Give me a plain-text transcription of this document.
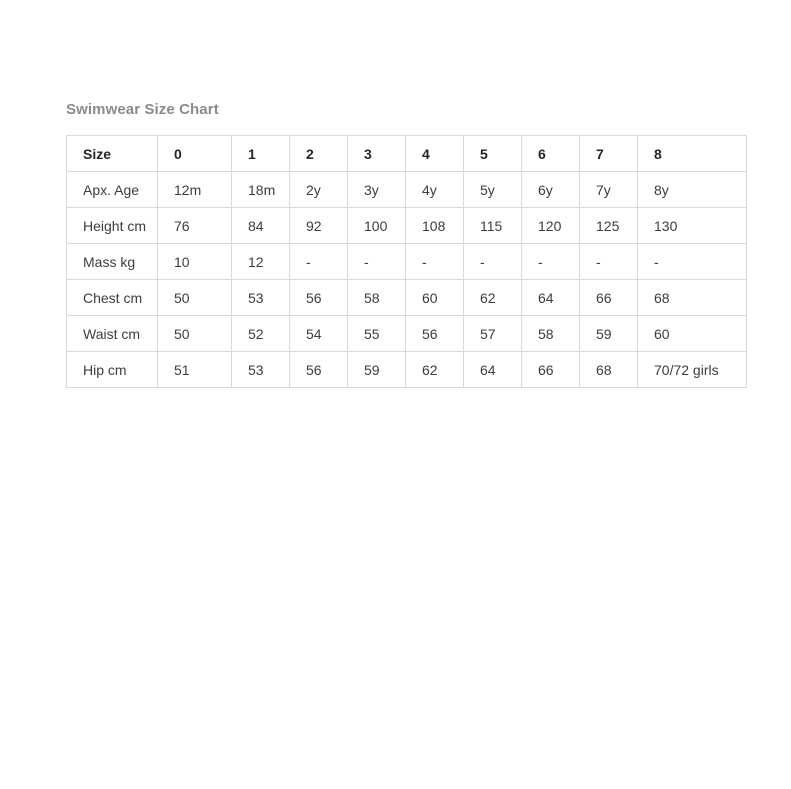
Swimwear Size Chart
Size	0	1	2	3	4	5	6	7	8
Apx. Age	12m	18m	2y	3y	4y	5y	6y	7y	8y
Height cm	76	84	92	100	108	115	120	125	130
Mass kg	10	12	-	-	-	-	-	-	-
Chest cm	50	53	56	58	60	62	64	66	68
Waist cm	50	52	54	55	56	57	58	59	60
Hip cm	51	53	56	59	62	64	66	68	70/72 girls
